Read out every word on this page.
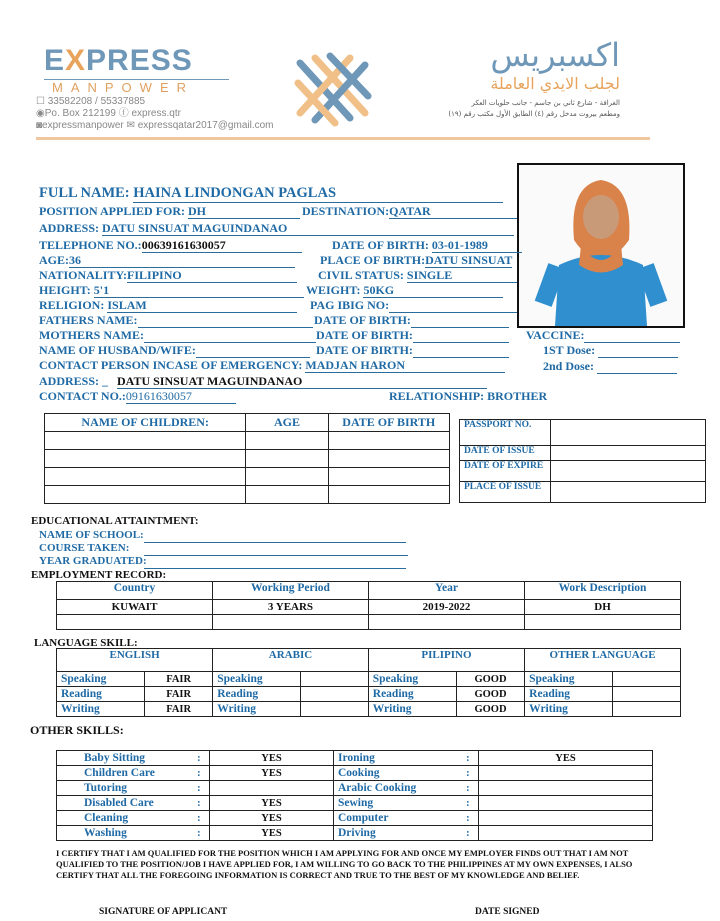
EXPRESS
MANPOWER
☐ 33582208 / 55337885
◉Po. Box 212199 ⓕ express.qtr
◙expressmanpower ✉ expressqatar2017@gmail.com
اكسبريس
لجلب الايدي العاملة
الغرافة - شارع ثاني بن جاسم - جانب حلويات العكر
ومطعم بيروت مدخل رقم (٤) الطابق الأول مكتب رقم (١٩)
FULL NAME: HAINA LINDONGAN PAGLAS
POSITION APPLIED FOR: DH	DESTINATION:QATAR
ADDRESS: DATU SINSUAT MAGUINDANAO
TELEPHONE NO.:00639161630057	DATE OF BIRTH: 03-01-1989
AGE:36	PLACE OF BIRTH:DATU SINSUAT
NATIONALITY:FILIPINO	CIVIL STATUS: SINGLE
HEIGHT: 5'1	WEIGHT: 50KG
RELIGION: ISLAM	PAG IBIG NO:
FATHERS NAME:	DATE OF BIRTH:
MOTHERS NAME:	DATE OF BIRTH:
NAME OF HUSBAND/WIFE:	DATE OF BIRTH:
VACCINE:
1ST Dose:
2nd Dose:
CONTACT PERSON INCASE OF EMERGENCY: MADJAN HARON
ADDRESS: _ DATU SINSUAT MAGUINDANAO
CONTACT NO.:09161630057	RELATIONSHIP: BROTHER
NAME OF CHILDREN:	AGE	DATE OF BIRTH

			PASSPORT NO.	
DATE OF ISSUE	
DATE OF EXPIRE	
PLACE OF ISSUE	
EDUCATIONAL ATTAINTMENT:
NAME OF SCHOOL:
COURSE TAKEN:
YEAR GRADUATED:
EMPLOYMENT RECORD:
Country	Working Period	Year	Work Description
KUWAIT	3 YEARS	2019-2022	DH

LANGUAGE SKILL:
ENGLISH		ARABIC		PILIPINO		OTHER LANGUAGE	
Speaking	FAIR	Speaking		Speaking	GOOD	Speaking	
Reading	FAIR	Reading		Reading	GOOD	Reading	
Writing	FAIR	Writing		Writing	GOOD	Writing	
OTHER SKILLS:
Baby Sitting	:	YES	Ironing	:	YES
Children Care	:	YES	Cooking	:	
Tutoring	:		Arabic Cooking	:	
Disabled Care	:	YES	Sewing	:	
Cleaning	:	YES	Computer	:	
Washing	:	YES	Driving	:	
I CERTIFY THAT I AM QUALIFIED FOR THE POSITION WHICH I AM APPLYING FOR AND ONCE MY EMPLOYER FINDS OUT THAT I AM NOT QUALIFIED TO THE POSITION/JOB I HAVE APPLIED FOR, I AM WILLING TO GO BACK TO THE PHILIPPINES AT MY OWN EXPENSES, I ALSO CERTIFY THAT ALL THE FOREGOING INFORMATION IS CORRECT AND TRUE TO THE BEST OF MY KNOWLEDGE AND BELIEF.
SIGNATURE OF APPLICANT	DATE SIGNED
